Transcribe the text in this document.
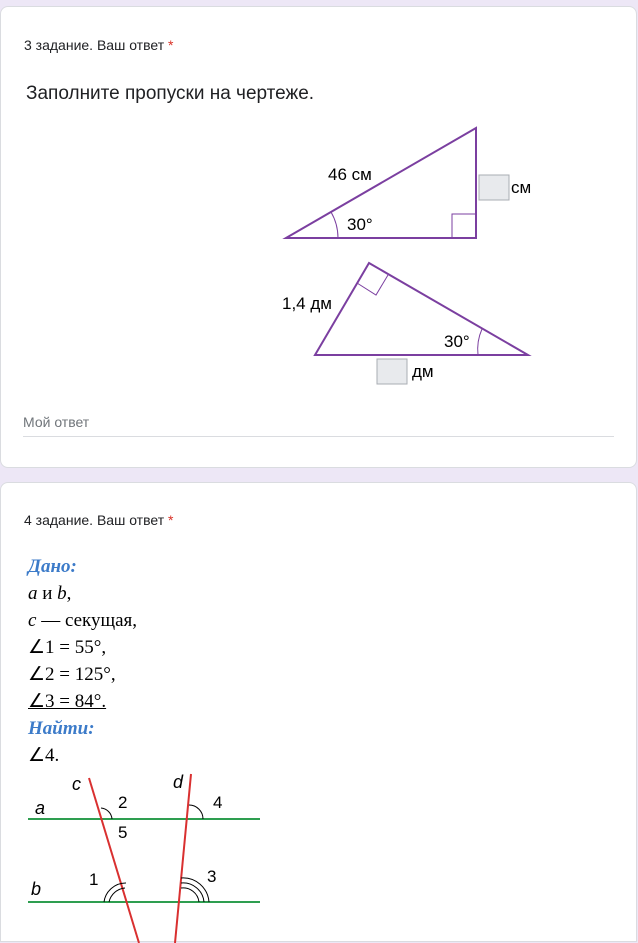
3 задание. Ваш ответ *
Заполните пропуски на чертеже.
46 см
30°
см
1,4 дм
30°
дм
Мой ответ
4 задание. Ваш ответ *
Дано:
a и b,
c — секущая,
∠1 = 55°,
∠2 = 125°,
∠3 = 84°.
Найти:
∠4.
a
b
c	d
1
2
3
4
5
